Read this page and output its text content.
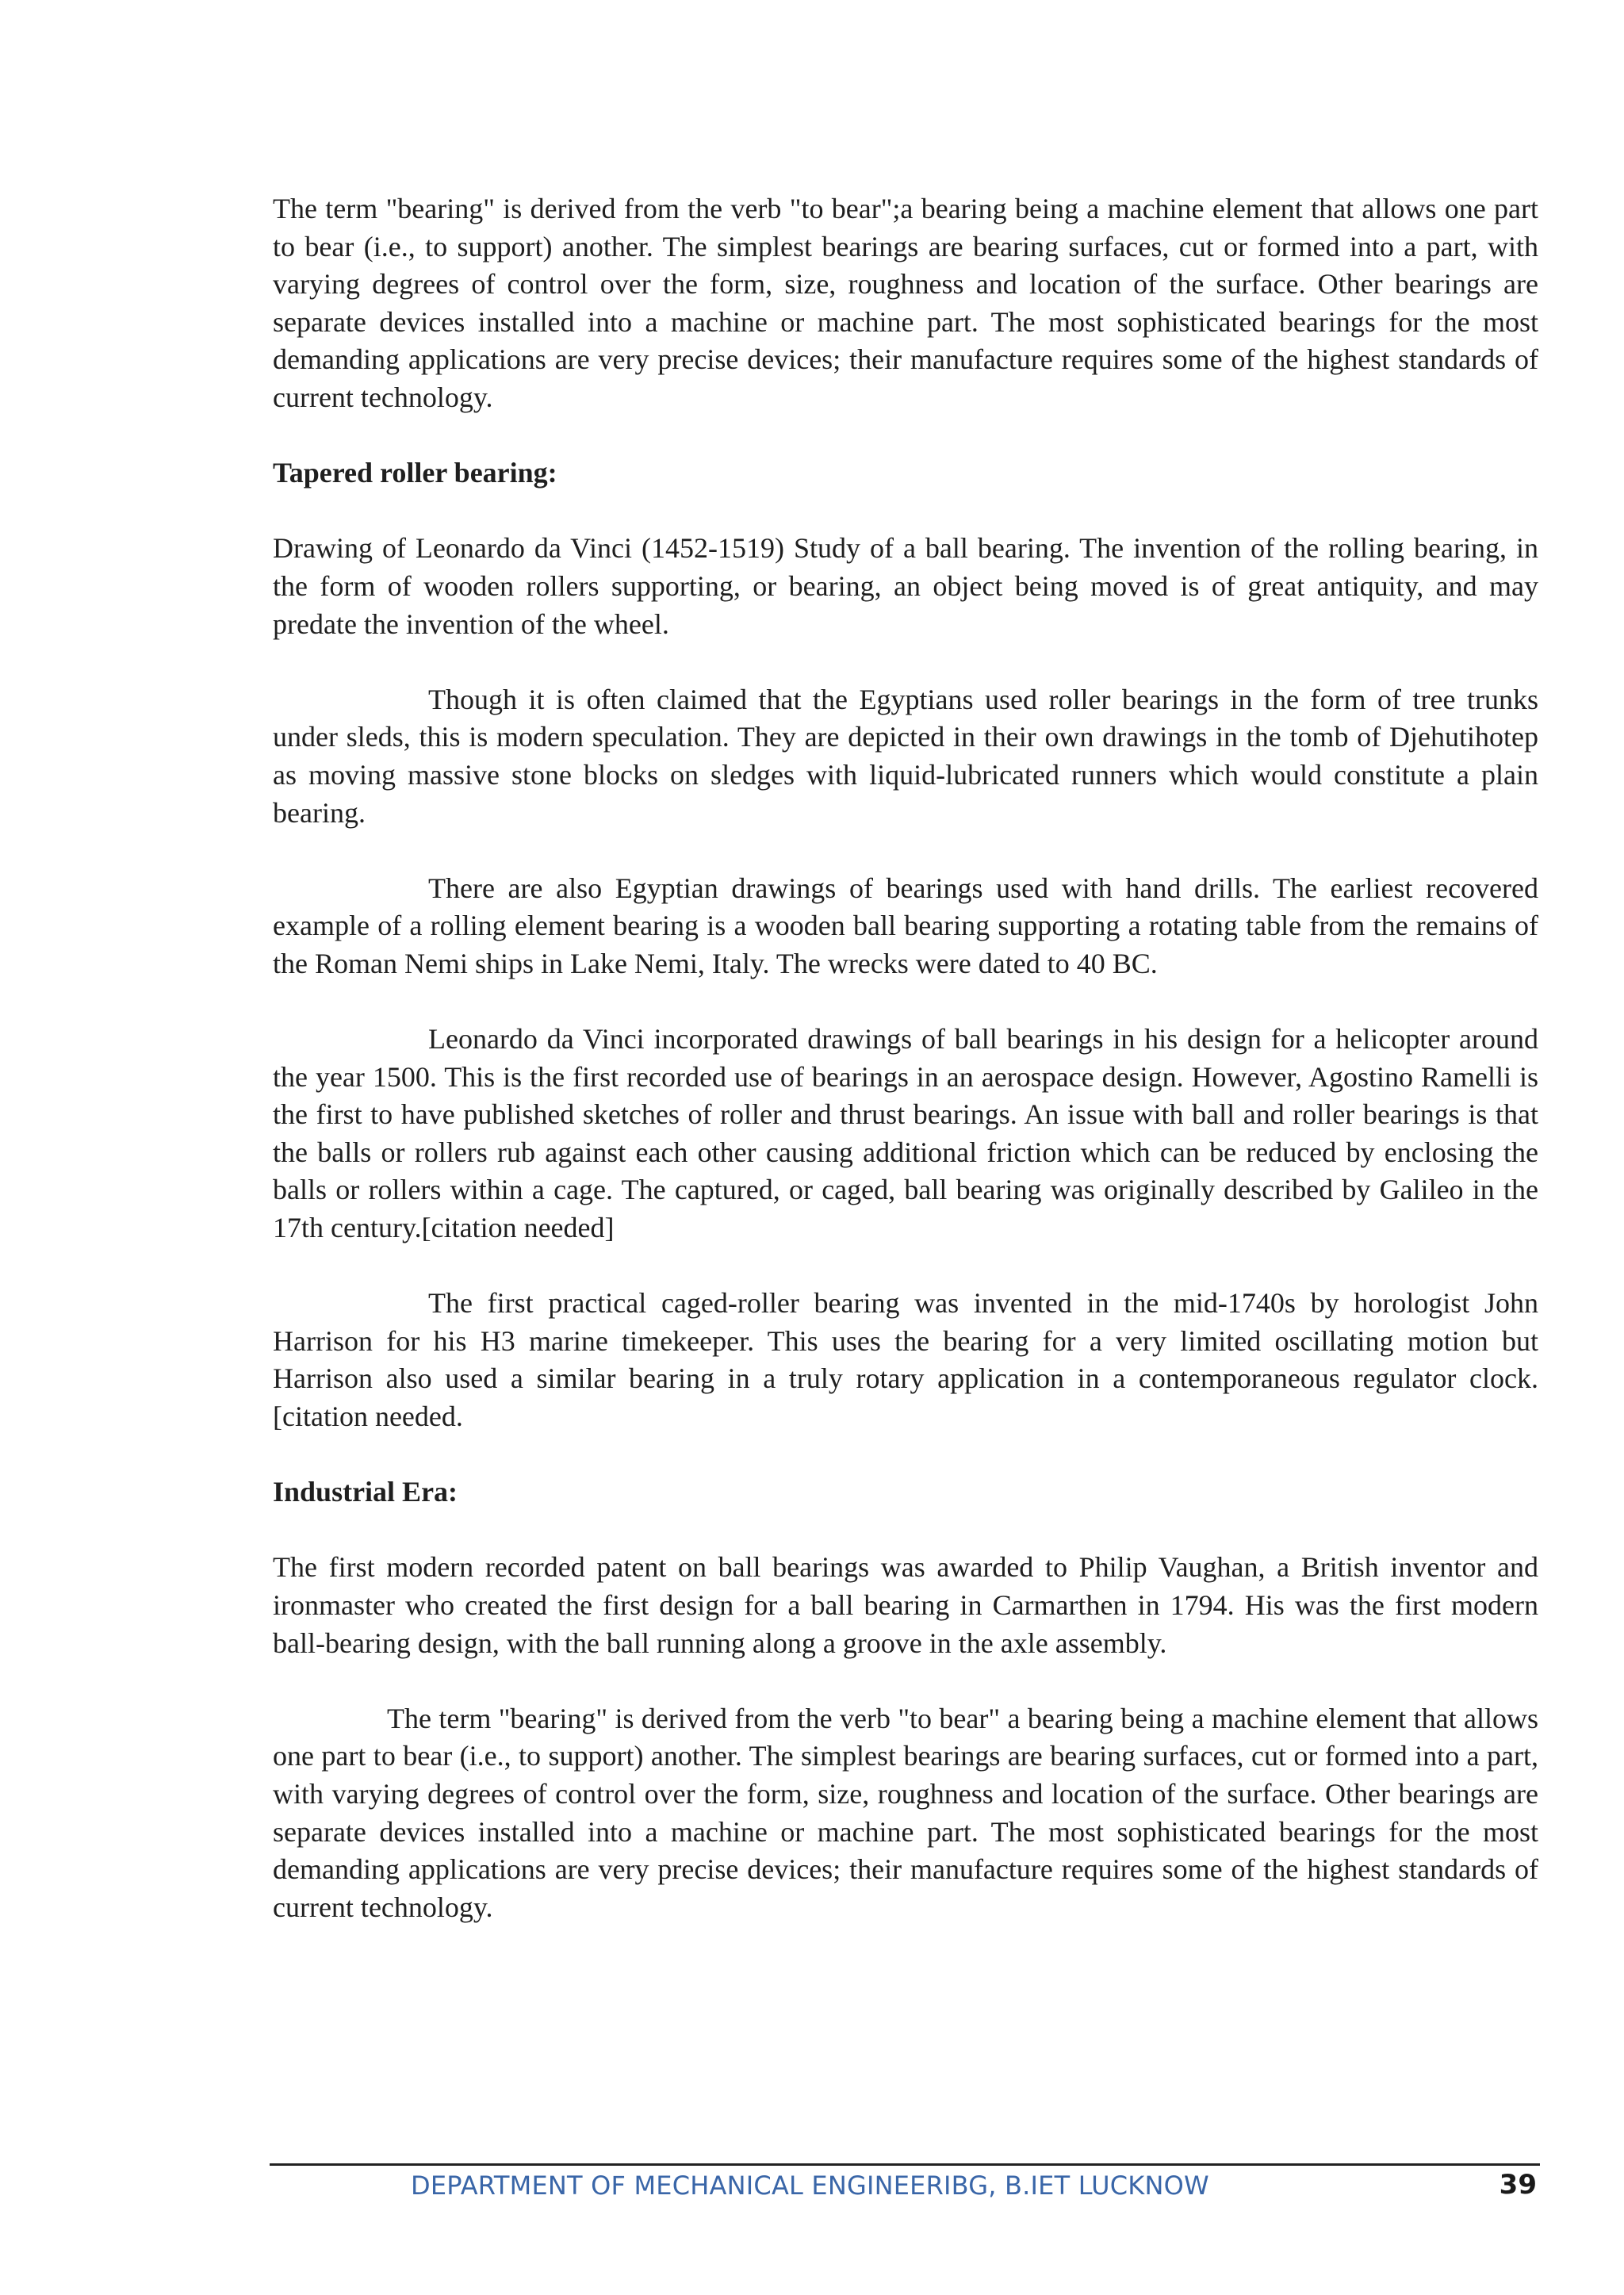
The term "bearing" is derived from the verb "to bear";a bearing being a machine element that allows one part to bear (i.e., to support) another. The simplest bearings are bearing surfaces, cut or formed into a part, with varying degrees of control over the form, size, roughness and location of the surface. Other bearings are separate devices installed into a machine or machine part. The most sophisticated bearings for the most demanding applications are very precise devices; their manufacture requires some of the highest standards of current technology.

Tapered roller bearing:

Drawing of Leonardo da Vinci (1452-1519) Study of a ball bearing. The invention of the rolling bearing, in the form of wooden rollers supporting, or bearing, an object being moved is of great antiquity, and may predate the invention of the wheel.

Though it is often claimed that the Egyptians used roller bearings in the form of tree trunks under sleds, this is modern speculation. They are depicted in their own drawings in the tomb of Djehutihotep as moving massive stone blocks on sledges with liquid-lubricated runners which would constitute a plain bearing.

There are also Egyptian drawings of bearings used with hand drills. The earliest recovered example of a rolling element bearing is a wooden ball bearing supporting a rotating table from the remains of the Roman Nemi ships in Lake Nemi, Italy. The wrecks were dated to 40 BC.

Leonardo da Vinci incorporated drawings of ball bearings in his design for a helicopter around the year 1500. This is the first recorded use of bearings in an aerospace design. However, Agostino Ramelli is the first to have published sketches of roller and thrust bearings. An issue with ball and roller bearings is that the balls or rollers rub against each other causing additional friction which can be reduced by enclosing the balls or rollers within a cage. The captured, or caged, ball bearing was originally described by Galileo in the 17th century.[citation needed]

The first practical caged-roller bearing was invented in the mid-1740s by horologist John Harrison for his H3 marine timekeeper. This uses the bearing for a very limited oscillating motion but Harrison also used a similar bearing in a truly rotary application in a contemporaneous regulator clock.[citation needed.

Industrial Era:

The first modern recorded patent on ball bearings was awarded to Philip Vaughan, a British inventor and ironmaster who created the first design for a ball bearing in Carmarthen in 1794. His was the first modern ball-bearing design, with the ball running along a groove in the axle assembly.

The term "bearing" is derived from the verb "to bear" a bearing being a machine element that allows one part to bear (i.e., to support) another. The simplest bearings are bearing surfaces, cut or formed into a part, with varying degrees of control over the form, size, roughness and location of the surface. Other bearings are separate devices installed into a machine or machine part. The most sophisticated bearings for the most demanding applications are very precise devices; their manufacture requires some of the highest standards of current technology.

DEPARTMENT OF MECHANICAL ENGINEERIBG, B.IET LUCKNOW	39
